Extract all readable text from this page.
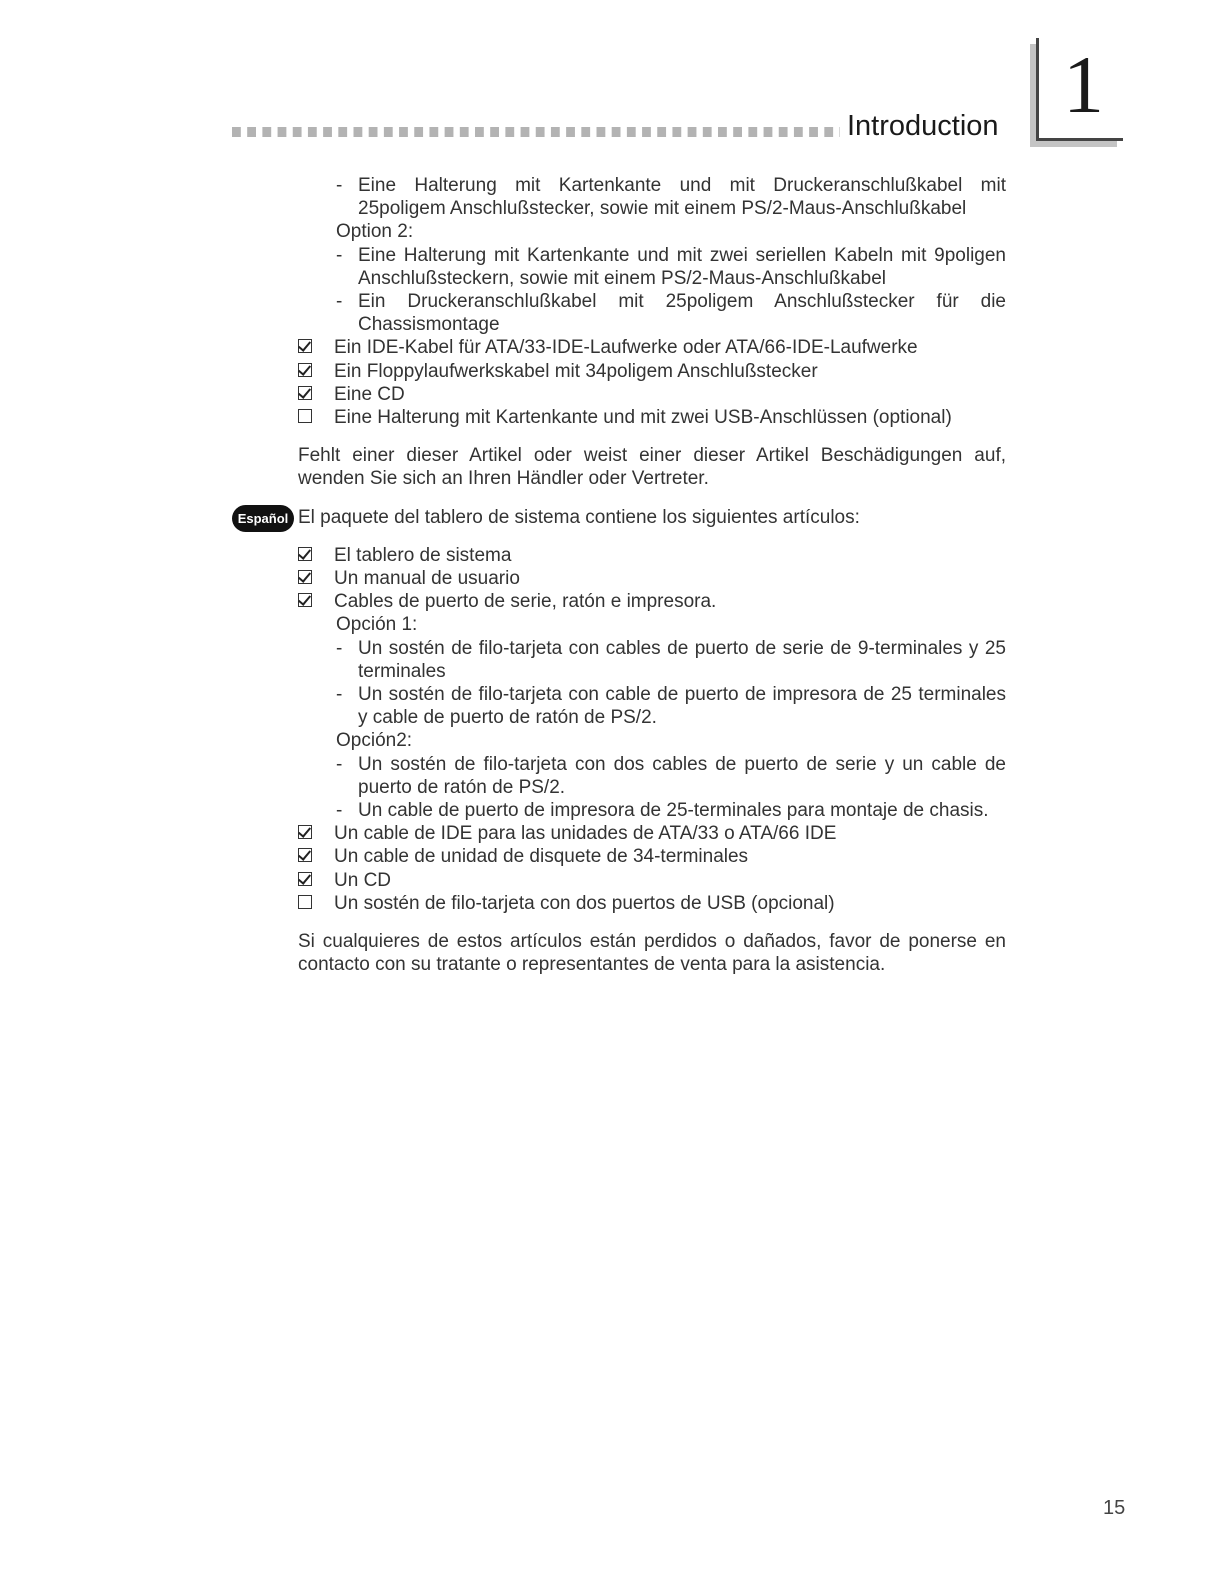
Introduction 1
- Eine Halterung mit Kartenkante und mit Druckeranschlußkabel mit 25poligem Anschlußstecker, sowie mit einem PS/2-Maus-Anschlußkabel
Option 2:
- Eine Halterung mit Kartenkante und mit zwei seriellen Kabeln mit 9poligen Anschlußsteckern, sowie mit einem PS/2-Maus-Anschlußkabel
- Ein Druckeranschlußkabel mit 25poligem Anschlußstecker für die Chassismontage
Ein IDE-Kabel für ATA/33-IDE-Laufwerke oder ATA/66-IDE-Laufwerke
Ein Floppylaufwerkskabel mit 34poligem Anschlußstecker
Eine CD
Eine Halterung mit Kartenkante und mit zwei USB-Anschlüssen (optional)
Fehlt einer dieser Artikel oder weist einer dieser Artikel Beschädigungen auf, wenden Sie sich an Ihren Händler oder Vertreter.
El paquete del tablero de sistema contiene los siguientes artículos:
El tablero de sistema
Un manual de usuario
Cables de puerto de serie, ratón e impresora.
Opción 1:
- Un sostén de filo-tarjeta con cables de puerto de serie de 9-terminales y 25 terminales
- Un sostén de filo-tarjeta con cable de puerto de impresora de 25 terminales y cable de puerto de ratón de PS/2.
Opción2:
- Un sostén de filo-tarjeta con dos cables de puerto de serie y un cable de puerto de ratón de PS/2.
- Un cable de puerto de impresora de 25-terminales para montaje de chasis.
Un cable de IDE para las unidades de ATA/33 o ATA/66 IDE
Un cable de unidad de disquete de 34-terminales
Un CD
Un sostén de filo-tarjeta con dos puertos de USB (opcional)
Si cualquieres de estos artículos están perdidos o dañados, favor de ponerse en contacto con su tratante o representantes de venta para la asistencia.
Español
15
